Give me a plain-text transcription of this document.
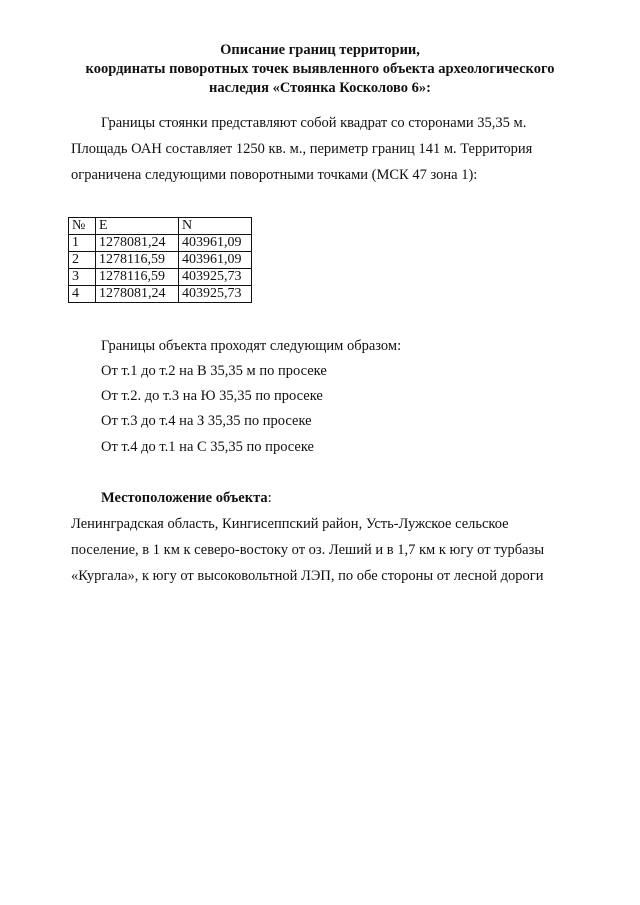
Описание границ территории,

координаты поворотных точек выявленного объекта археологического

наследия «Стоянка Косколово 6»:

Границы стоянки представляют собой квадрат со сторонами 35,35 м.

Площадь ОАН составляет 1250 кв. м., периметр границ 141 м. Территория

ограничена следующими поворотными точками (МСК 47 зона 1):

№	E	N
1	1278081,24	403961,09
2	1278116,59	403961,09
3	1278116,59	403925,73
4	1278081,24	403925,73

Границы объекта проходят следующим образом:

От т.1 до т.2 на В 35,35 м по просеке

От т.2. до т.3 на Ю 35,35 по просеке

От т.3 до т.4 на З 35,35 по просеке

От т.4 до т.1 на С 35,35 по просеке

Местоположение объекта:

Ленинградская область, Кингисеппский район, Усть-Лужское сельское

поселение, в 1 км к северо-востоку от оз. Леший и в 1,7 км к югу от турбазы

«Кургала», к югу от высоковольтной ЛЭП, по обе стороны от лесной дороги
